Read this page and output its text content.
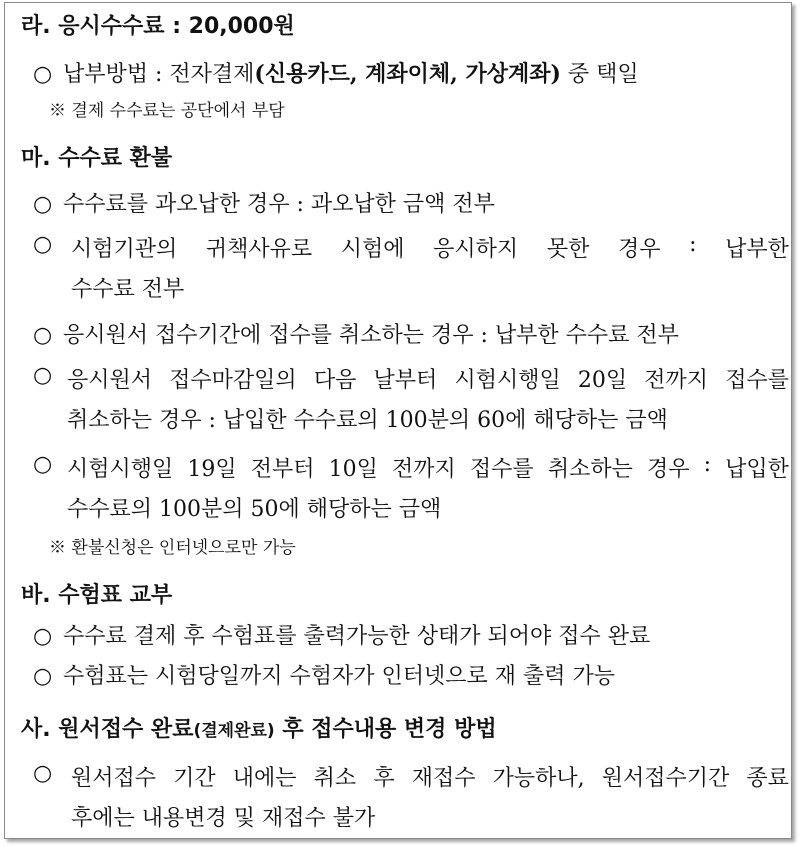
라. 응시수수료 : 20,000원
○ 납부방법 : 전자결제(신용카드, 계좌이체, 가상계좌) 중 택일
※ 결제 수수료는 공단에서 부담
마. 수수료 환불
○ 수수료를 과오납한 경우 : 과오납한 금액 전부
○ 시험기관의 귀책사유로 시험에 응시하지 못한 경우 : 납부한
수수료 전부
○ 응시원서 접수기간에 접수를 취소하는 경우 : 납부한 수수료 전부
○ 응시원서 접수마감일의 다음 날부터 시험시행일 20일 전까지 접수를
취소하는 경우 : 납입한 수수료의 100분의 60에 해당하는 금액
○ 시험시행일 19일 전부터 10일 전까지 접수를 취소하는 경우 : 납입한
수수료의 100분의 50에 해당하는 금액
※ 환불신청은 인터넷으로만 가능
바. 수험표 교부
○ 수수료 결제 후 수험표를 출력가능한 상태가 되어야 접수 완료
○ 수험표는 시험당일까지 수험자가 인터넷으로 재 출력 가능
사. 원서접수 완료(결제완료) 후 접수내용 변경 방법
○ 원서접수 기간 내에는 취소 후 재접수 가능하나, 원서접수기간 종료
후에는 내용변경 및 재접수 불가
